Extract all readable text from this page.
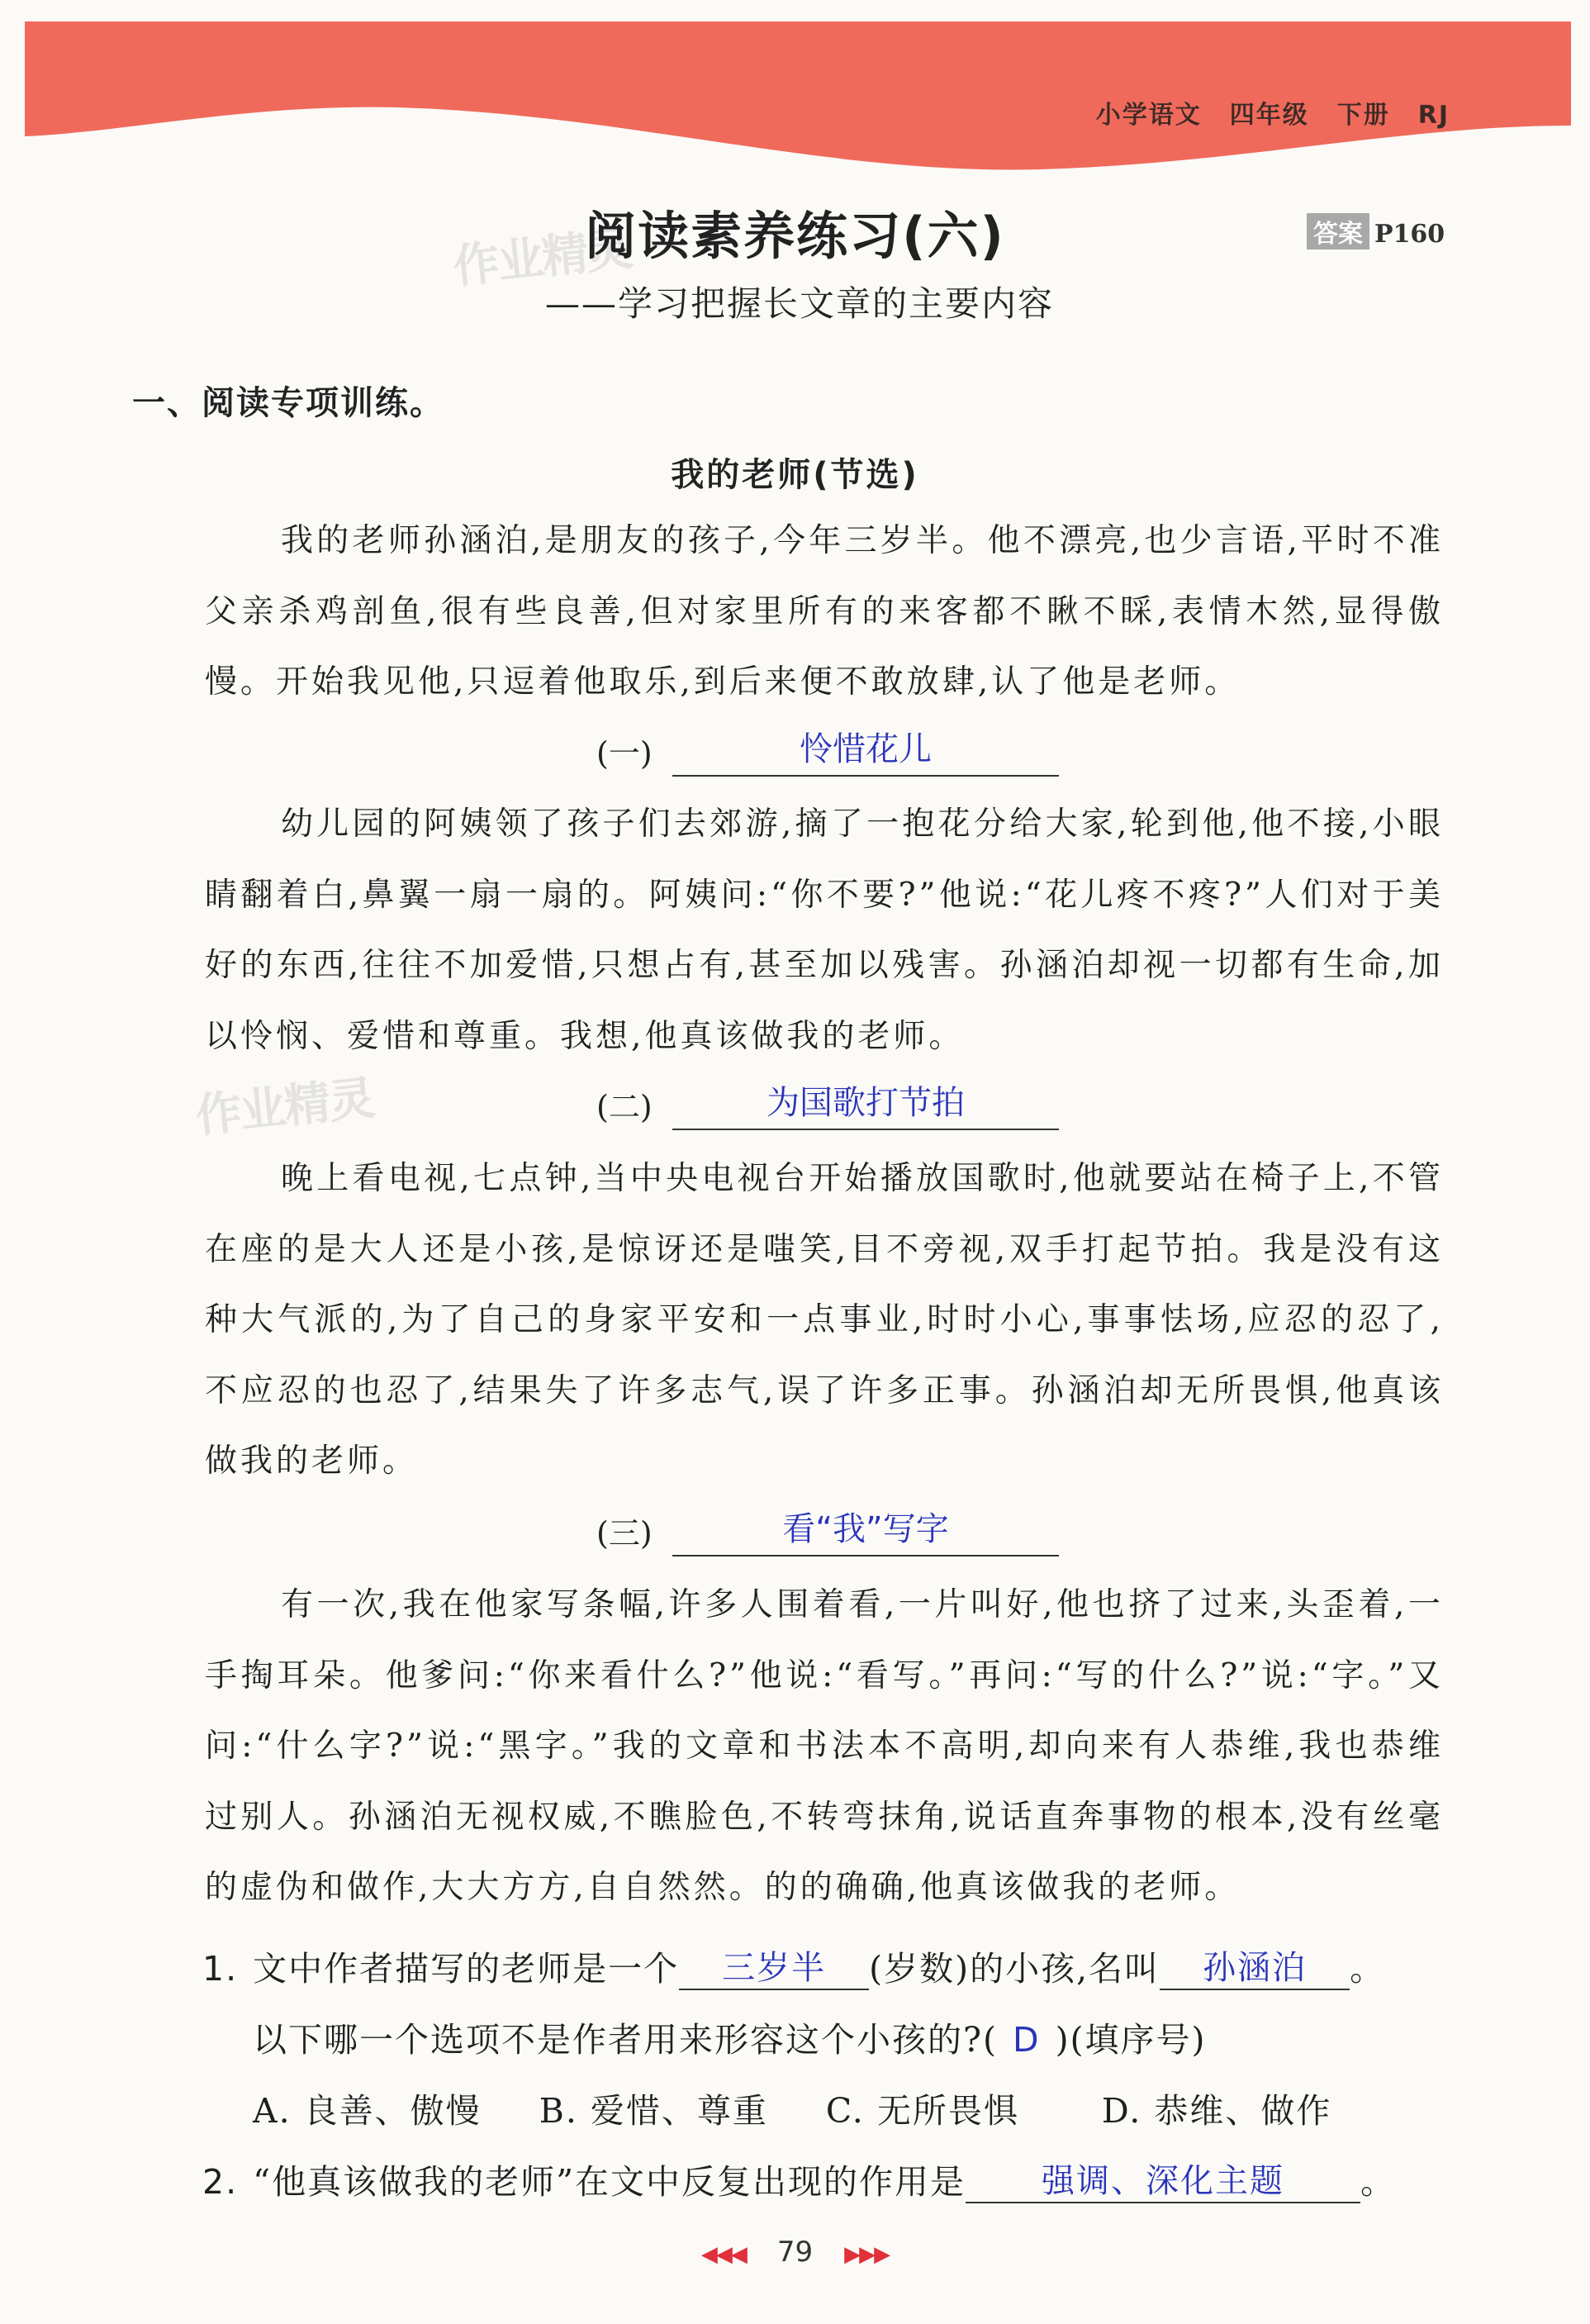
小学语文 四年级 下册 RJ
作业精灵
作业精灵
阅读素养练习(六)	答案 P160
——学习把握长文章的主要内容
一、阅读专项训练。
我的老师(节选)
我的老师孙涵泊,是朋友的孩子,今年三岁半。他不漂亮,也少言语,平时不准父亲杀鸡剖鱼,很有些良善,但对家里所有的来客都不瞅不睬,表情木然,显得傲慢。开始我见他,只逗着他取乐,到后来便不敢放肆,认了他是老师。
(一)	怜惜花儿
幼儿园的阿姨领了孩子们去郊游,摘了一抱花分给大家,轮到他,他不接,小眼睛翻着白,鼻翼一扇一扇的。阿姨问:“你不要?”他说:“花儿疼不疼?”人们对于美好的东西,往往不加爱惜,只想占有,甚至加以残害。孙涵泊却视一切都有生命,加以怜悯、爱惜和尊重。我想,他真该做我的老师。
(二)	为国歌打节拍
晚上看电视,七点钟,当中央电视台开始播放国歌时,他就要站在椅子上,不管在座的是大人还是小孩,是惊讶还是嗤笑,目不旁视,双手打起节拍。我是没有这种大气派的,为了自己的身家平安和一点事业,时时小心,事事怯场,应忍的忍了,不应忍的也忍了,结果失了许多志气,误了许多正事。孙涵泊却无所畏惧,他真该做我的老师。
(三)	看“我”写字
有一次,我在他家写条幅,许多人围着看,一片叫好,他也挤了过来,头歪着,一手掏耳朵。他爹问:“你来看什么?”他说:“看写。”再问:“写的什么?”说:“字。”又问:“什么字?”说:“黑字。”我的文章和书法本不高明,却向来有人恭维,我也恭维过别人。孙涵泊无视权威,不瞧脸色,不转弯抹角,说话直奔事物的根本,没有丝毫的虚伪和做作,大大方方,自自然然。的的确确,他真该做我的老师。
1. 文中作者描写的老师是一个 三岁半 (岁数)的小孩,名叫 孙涵泊 。
以下哪一个选项不是作者用来形容这个小孩的?( D )(填序号)
A. 良善、傲慢 B. 爱惜、尊重 C. 无所畏惧 D. 恭维、做作
2. “他真该做我的老师”在文中反复出现的作用是 强调、深化主题 。
◀◀◀ 79 ▶▶▶
